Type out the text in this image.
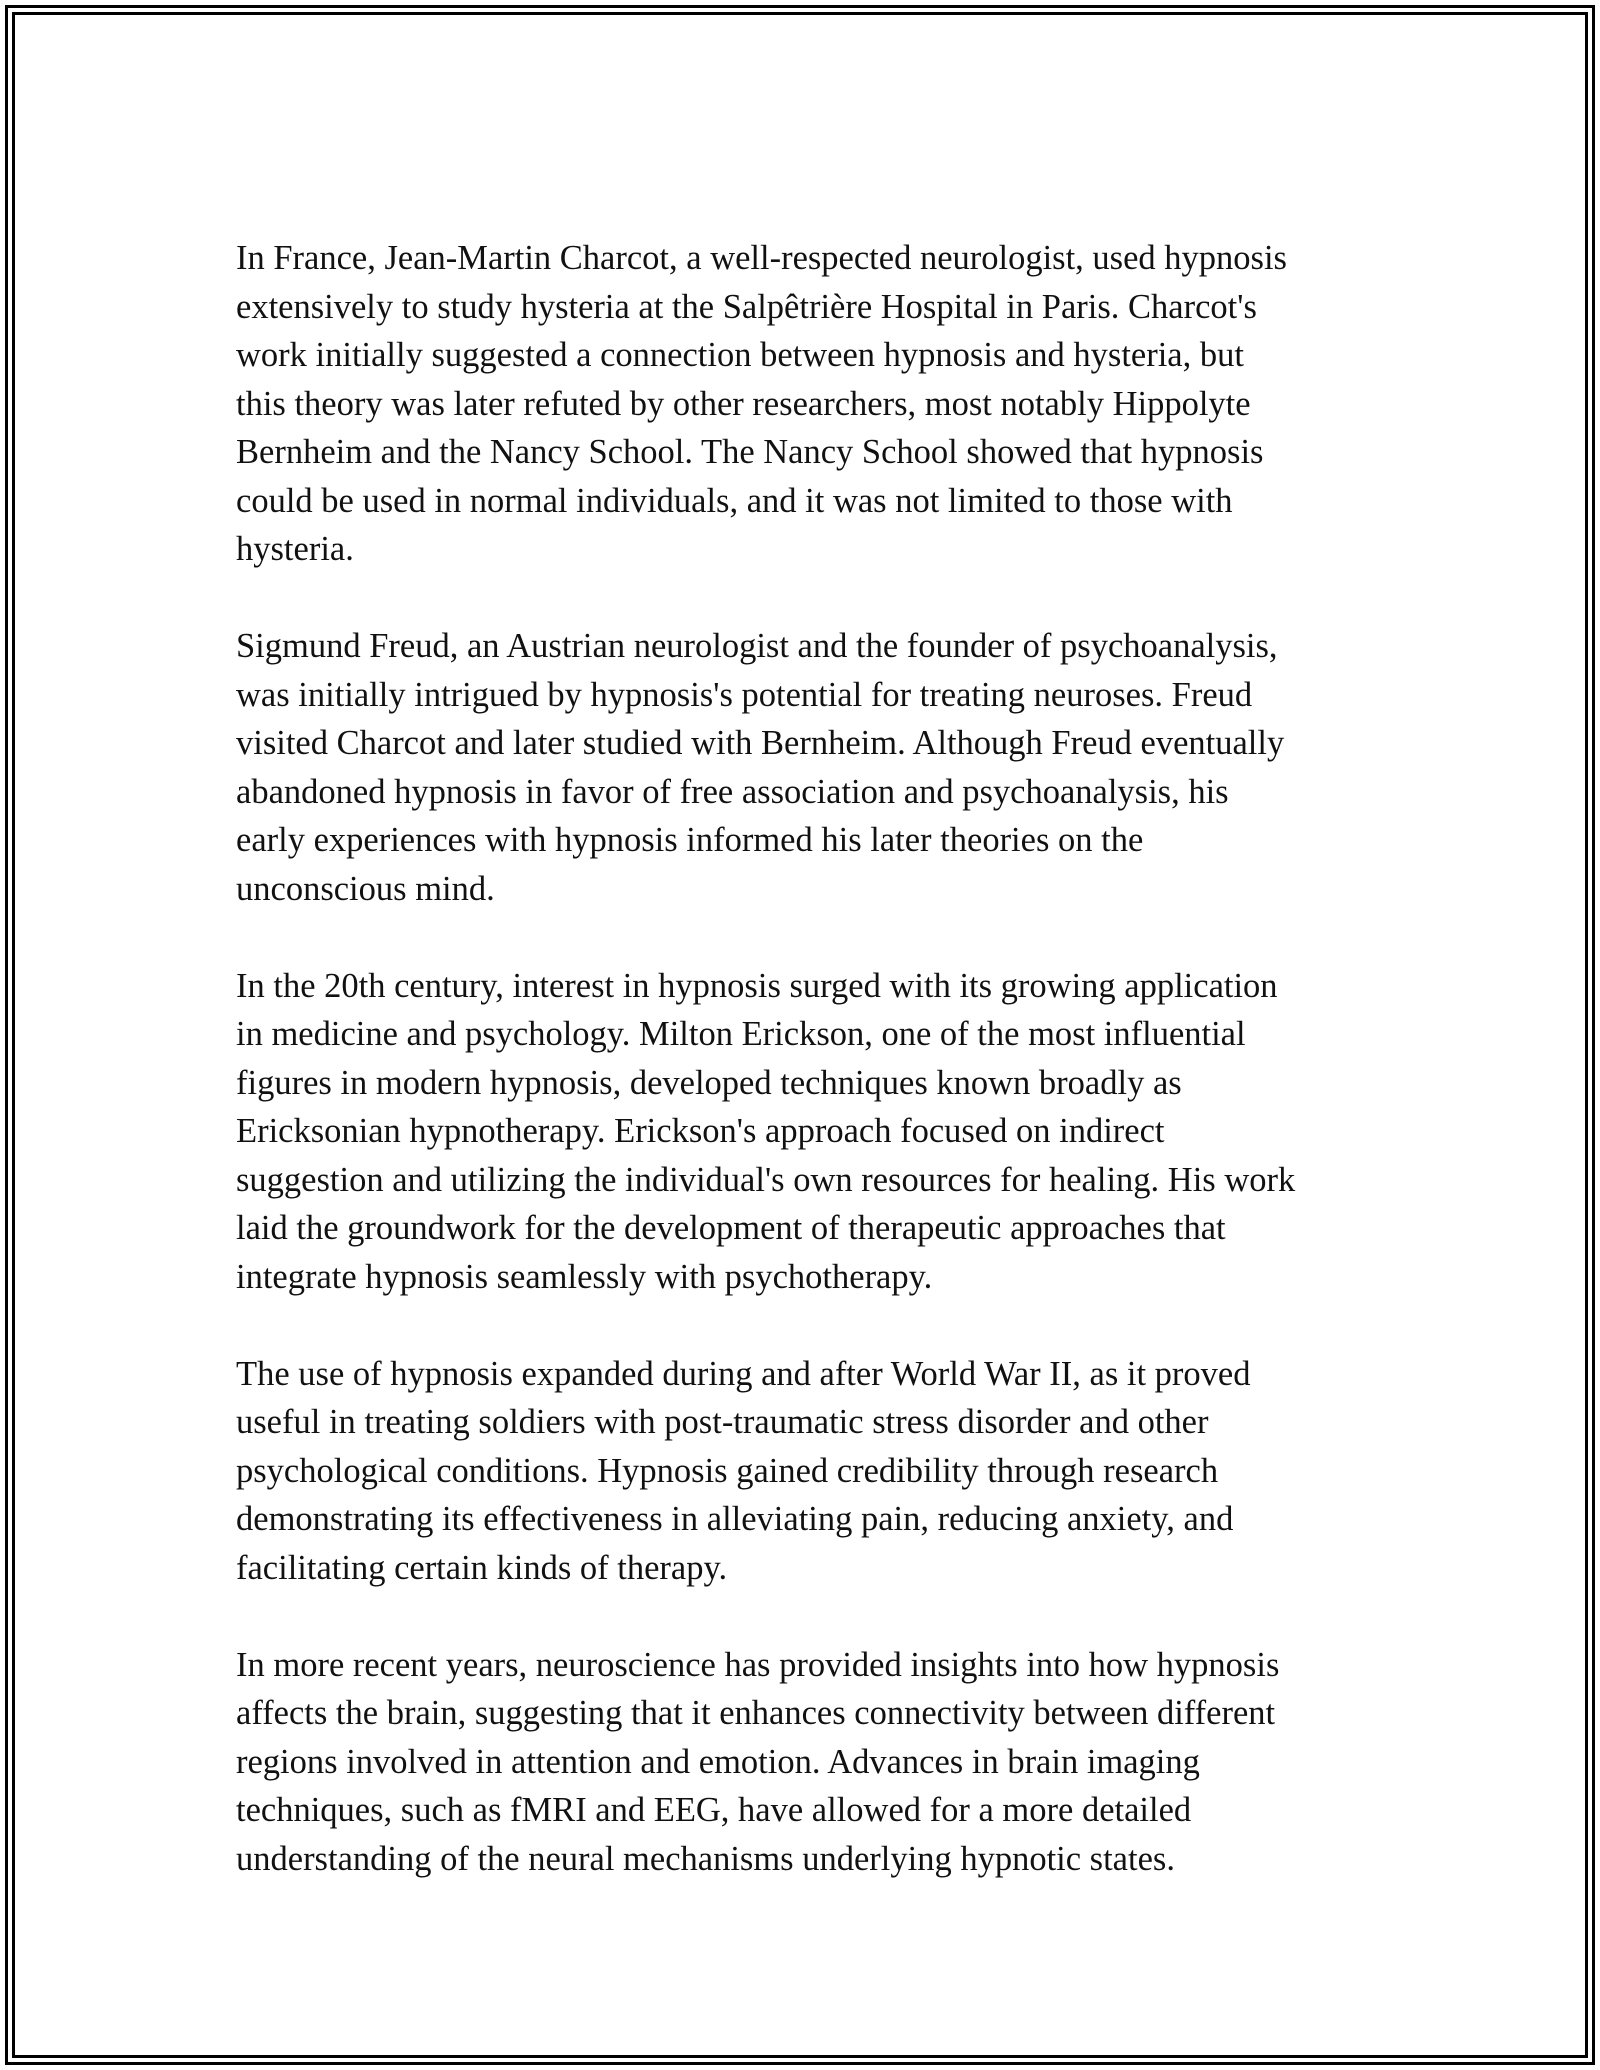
In France, Jean-Martin Charcot, a well-respected neurologist, used hypnosis
extensively to study hysteria at the Salpêtrière Hospital in Paris. Charcot's
work initially suggested a connection between hypnosis and hysteria, but
this theory was later refuted by other researchers, most notably Hippolyte
Bernheim and the Nancy School. The Nancy School showed that hypnosis
could be used in normal individuals, and it was not limited to those with
hysteria.

Sigmund Freud, an Austrian neurologist and the founder of psychoanalysis,
was initially intrigued by hypnosis's potential for treating neuroses. Freud
visited Charcot and later studied with Bernheim. Although Freud eventually
abandoned hypnosis in favor of free association and psychoanalysis, his
early experiences with hypnosis informed his later theories on the
unconscious mind.

In the 20th century, interest in hypnosis surged with its growing application
in medicine and psychology. Milton Erickson, one of the most influential
figures in modern hypnosis, developed techniques known broadly as
Ericksonian hypnotherapy. Erickson's approach focused on indirect
suggestion and utilizing the individual's own resources for healing. His work
laid the groundwork for the development of therapeutic approaches that
integrate hypnosis seamlessly with psychotherapy.

The use of hypnosis expanded during and after World War II, as it proved
useful in treating soldiers with post-traumatic stress disorder and other
psychological conditions. Hypnosis gained credibility through research
demonstrating its effectiveness in alleviating pain, reducing anxiety, and
facilitating certain kinds of therapy.

In more recent years, neuroscience has provided insights into how hypnosis
affects the brain, suggesting that it enhances connectivity between different
regions involved in attention and emotion. Advances in brain imaging
techniques, such as fMRI and EEG, have allowed for a more detailed
understanding of the neural mechanisms underlying hypnotic states.
